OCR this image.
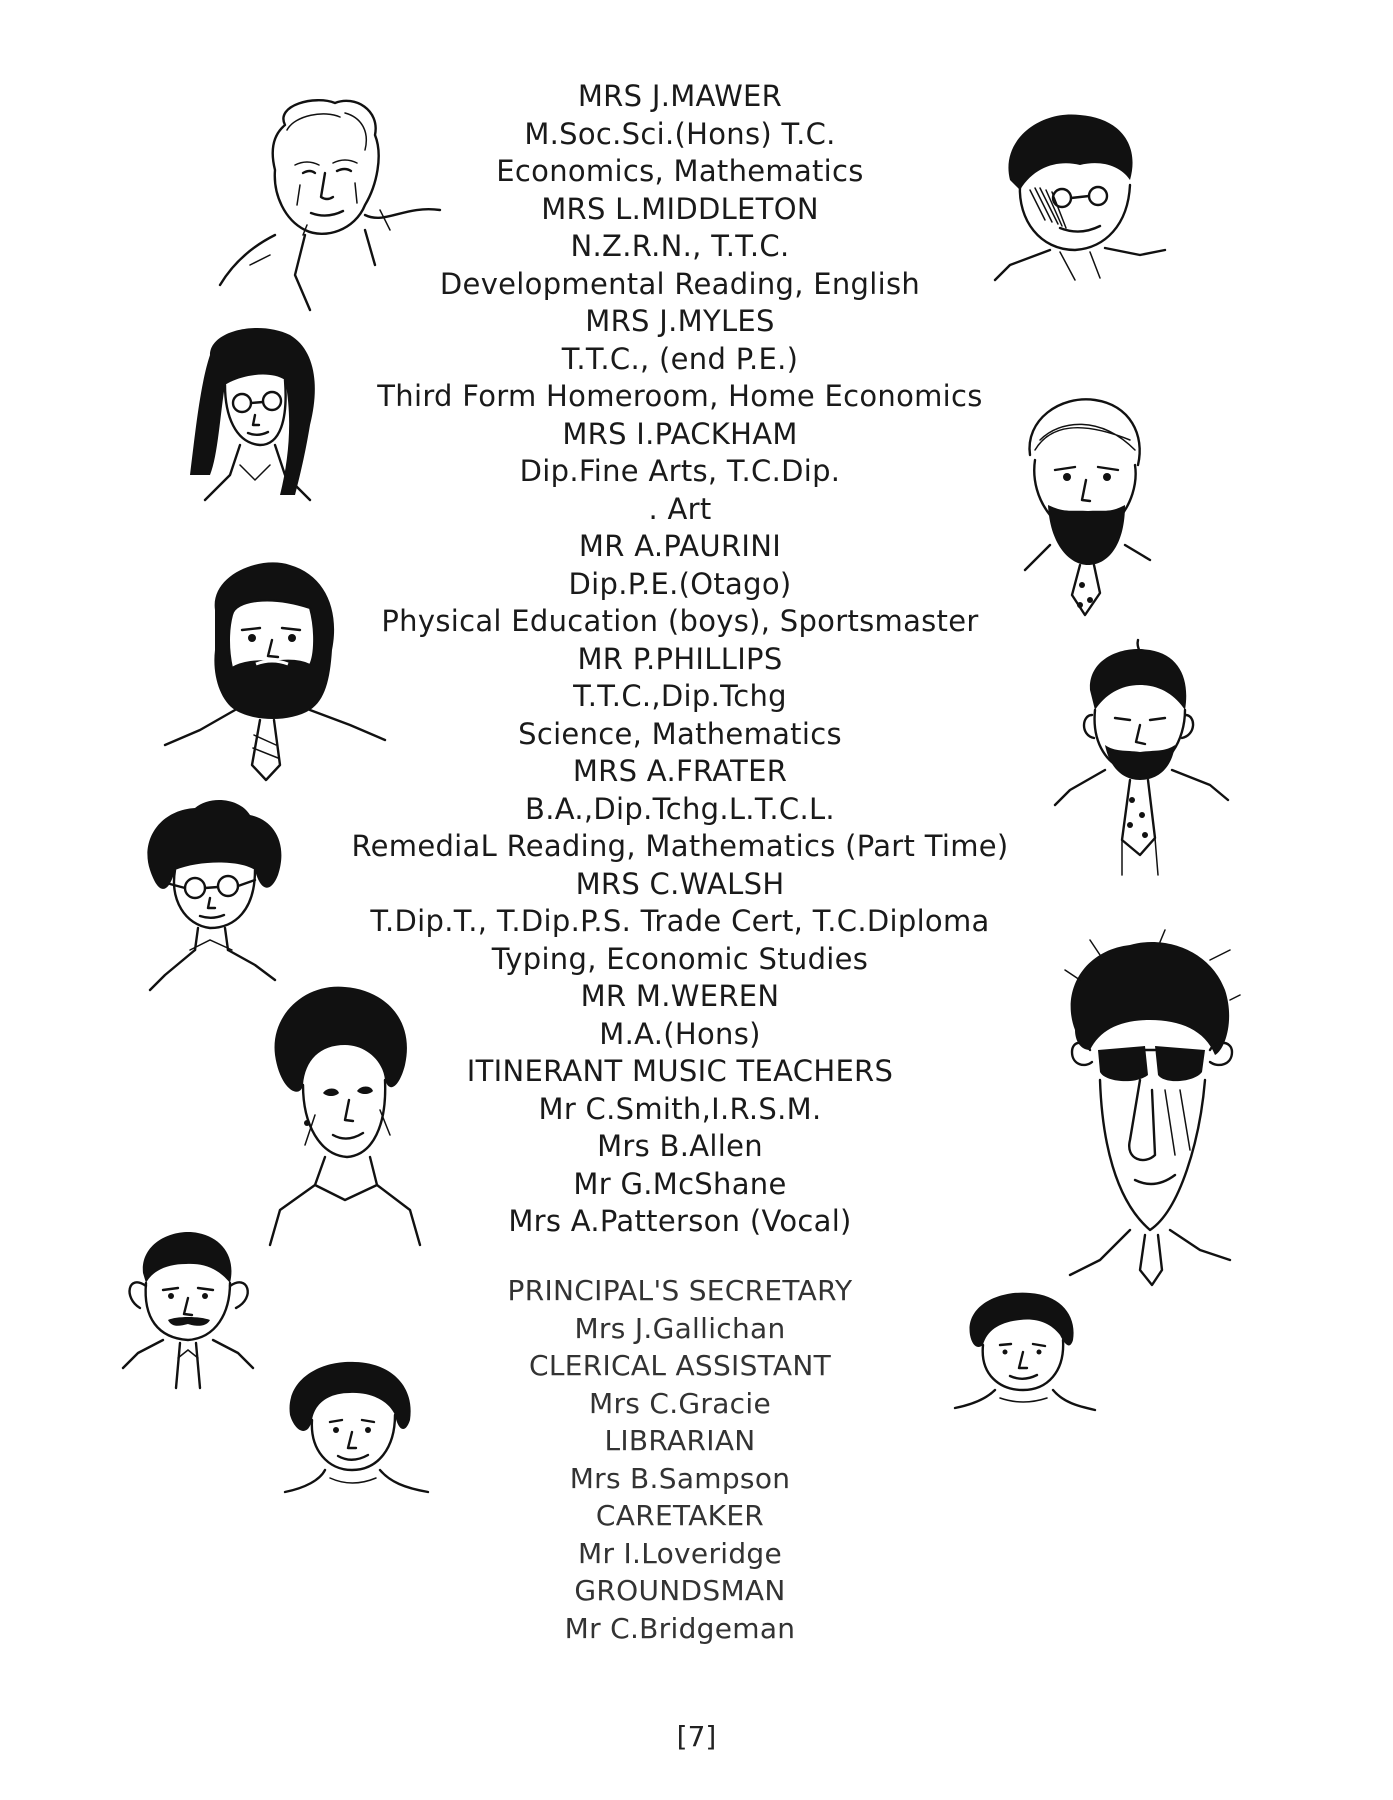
MRS J.MAWER
M.Soc.Sci.(Hons) T.C.
Economics, Mathematics
MRS L.MIDDLETON
N.Z.R.N., T.T.C.
Developmental Reading, English
MRS J.MYLES
T.T.C., (end P.E.)
Third Form Homeroom, Home Economics
MRS I.PACKHAM
Dip.Fine Arts, T.C.Dip.
. Art
MR A.PAURINI
Dip.P.E.(Otago)
Physical Education (boys), Sportsmaster
MR P.PHILLIPS
T.T.C.,Dip.Tchg
Science, Mathematics
MRS A.FRATER
B.A.,Dip.Tchg.L.T.C.L.
RemediaL Reading, Mathematics (Part Time)
MRS C.WALSH
T.Dip.T., T.Dip.P.S. Trade Cert, T.C.Diploma
Typing, Economic Studies
MR M.WEREN
M.A.(Hons)
ITINERANT MUSIC TEACHERS
Mr C.Smith,I.R.S.M.
Mrs B.Allen
Mr G.McShane
Mrs A.Patterson (Vocal)
PRINCIPAL'S SECRETARY
Mrs J.Gallichan
CLERICAL ASSISTANT
Mrs C.Gracie
LIBRARIAN
Mrs B.Sampson
CARETAKER
Mr I.Loveridge
GROUNDSMAN
Mr C.Bridgeman
[7]
